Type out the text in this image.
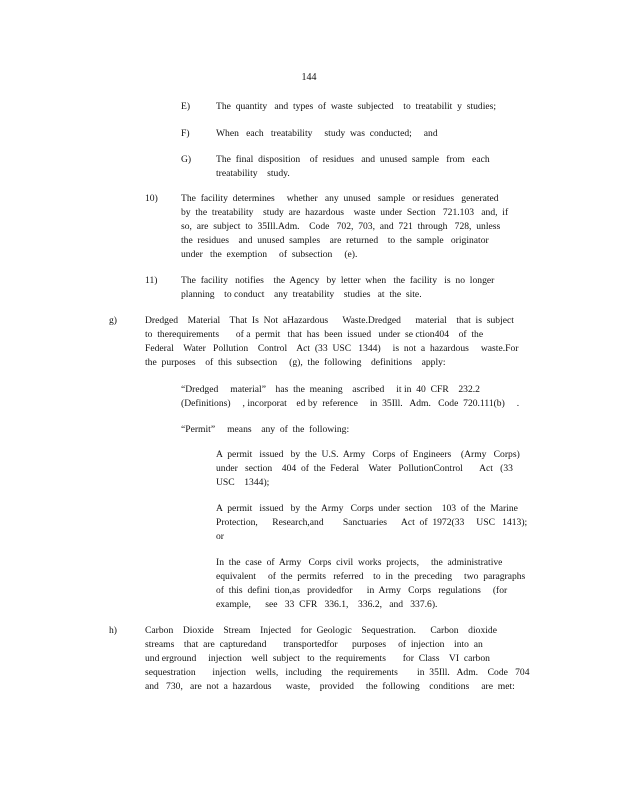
144
E)	The  quantity   and  types  of  waste  subjected    to  treatabilit  y  studies;
F)	When   each   treatability     study  was  conducted;     and
G)	The  final  disposition    of  residues   and  unused  sample   from   each
treatability    study.
10) The  facility  determines     whether   any  unused   sample   or residues   generated
by  the  treatability    study  are  hazardous    waste  under  Section   721.103   and,  if
so,  are  subject  to  35Ill.Adm.    Code   702,  703,  and  721  through   728,  unless
the  residues    and  unused  samples    are  returned    to  the  sample   originator
under   the  exemption     of  subsection     (e).
11) The  facility   notifies    the  Agency   by  letter  when   the  facility   is  no  longer
planning    to conduct    any  treatability    studies   at  the  site.
g)	Dredged    Material    That  Is  Not  aHazardous      Waste.Dredged      material    that  is  subject
to  therequirements       of a  permit   that  has  been  issued   under  se ction404    of  the
Federal    Water   Pollution    Control    Act  (33  USC   1344)     is  not  a  hazardous     waste.For
the  purposes    of  this  subsection     (g),  the  following    definitions    apply:
“Dredged     material”    has  the  meaning    ascribed     it in  40  CFR    232.2
(Definitions)     , incorporat    ed by  reference     in  35Ill.   Adm.   Code  720.111(b)     .
“Permit”     means    any  of  the  following:
A  permit   issued   by  the  U.S.  Army   Corps  of  Engineers    (Army   Corps)
under   section    404  of  the  Federal    Water   PollutionControl       Act   (33
USC    1344);
A  permit   issued   by  the  Army   Corps  under  section    103  of  the  Marine
Protection,      Research,and        Sanctuaries      Act  of  1972(33     USC   1413);
or
In  the  case  of  Army   Corps  civil  works  projects,     the  administrative
equivalent     of  the  permits   referred    to  in  the  preceding     two  paragraphs
of  this  defini  tion,as   providedfor      in  Army   Corps   regulations     (for
example,      see   33  CFR   336.1,    336.2,   and   337.6).
h)	Carbon    Dioxide    Stream    Injected    for  Geologic    Sequestration.      Carbon    dioxide
streams    that  are  capturedand       transportedfor      purposes     of  injection    into  an
und erground     injection    well  subject   to  the  requirements       for  Class    VI  carbon
sequestration       injection    wells,   including    the  requirements        in  35Ill.   Adm.    Code   704
and   730,   are  not  a  hazardous      waste,    provided     the  following    conditions     are  met:
